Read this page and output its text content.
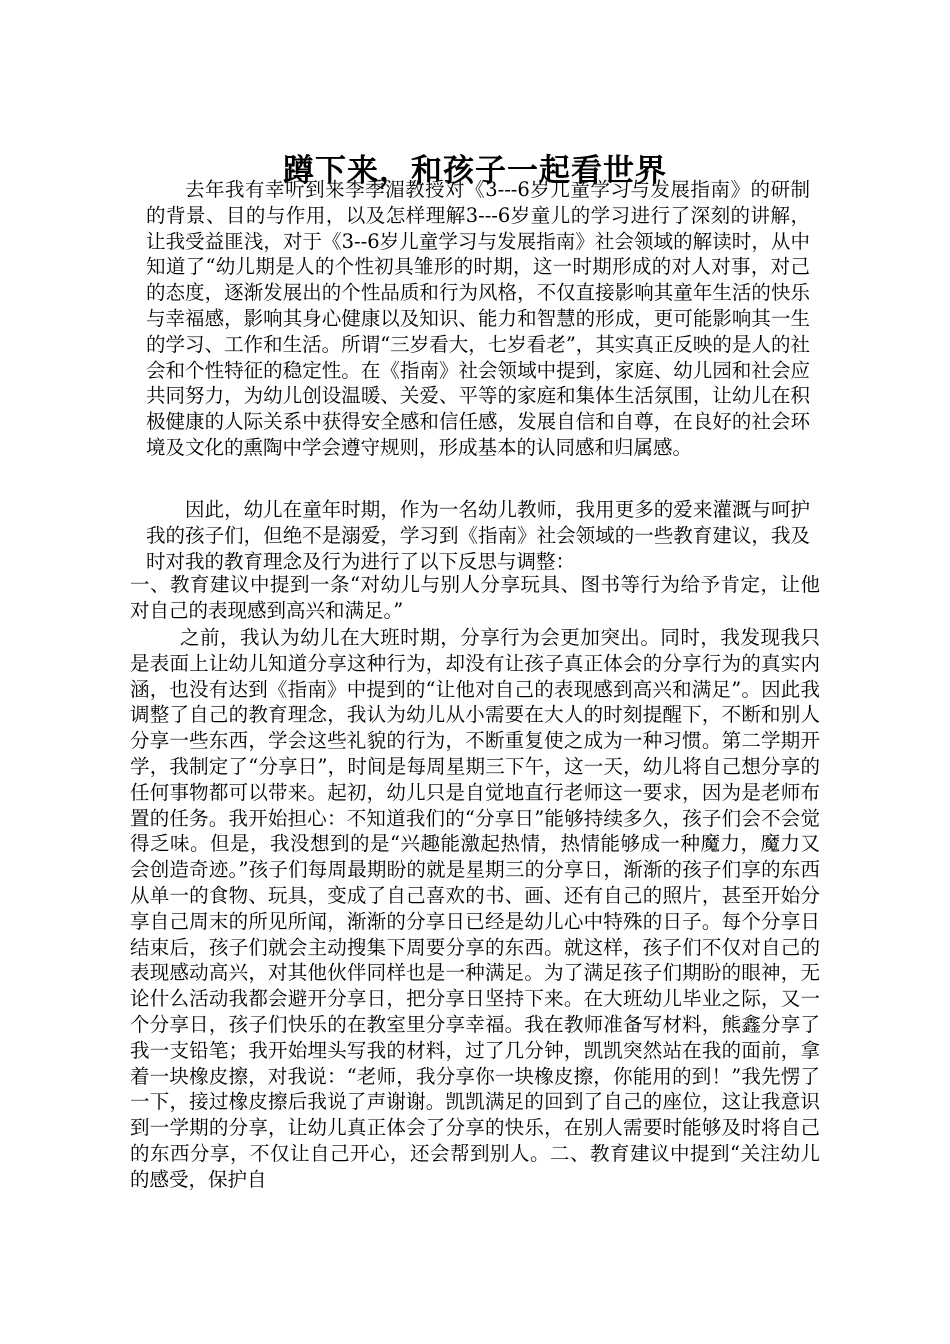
蹲下来，和孩子一起看世界

去年我有幸听到来李季湄教授对《3---6岁儿童学习与发展指南》的研制的背景、目的与作用，以及怎样理解3---6岁童儿的学习进行了深刻的讲解，让我受益匪浅，对于《3--6岁儿童学习与发展指南》社会领域的解读时，从中知道了“幼儿期是人的个性初具雏形的时期，这一时期形成的对人对事，对己的态度，逐渐发展出的个性品质和行为风格，不仅直接影响其童年生活的快乐与幸福感，影响其身心健康以及知识、能力和智慧的形成，更可能影响其一生的学习、工作和生活。所谓“三岁看大，七岁看老”，其实真正反映的是人的社会和个性特征的稳定性。在《指南》社会领域中提到，家庭、幼儿园和社会应共同努力，为幼儿创设温暖、关爱、平等的家庭和集体生活氛围，让幼儿在积极健康的人际关系中获得安全感和信任感，发展自信和自尊，在良好的社会环境及文化的熏陶中学会遵守规则，形成基本的认同感和归属感。

因此，幼儿在童年时期，作为一名幼儿教师，我用更多的爱来灌溉与呵护我的孩子们，但绝不是溺爱，学习到《指南》社会领域的一些教育建议，我及时对我的教育理念及行为进行了以下反思与调整：

一、教育建议中提到一条“对幼儿与别人分享玩具、图书等行为给予肯定，让他对自己的表现感到高兴和满足。”

之前，我认为幼儿在大班时期，分享行为会更加突出。同时，我发现我只是表面上让幼儿知道分享这种行为，却没有让孩子真正体会的分享行为的真实内涵，也没有达到《指南》中提到的“让他对自己的表现感到高兴和满足”。因此我调整了自己的教育理念，我认为幼儿从小需要在大人的时刻提醒下，不断和别人分享一些东西，学会这些礼貌的行为，不断重复使之成为一种习惯。第二学期开学，我制定了“分享日”，时间是每周星期三下午，这一天，幼儿将自己想分享的任何事物都可以带来。起初，幼儿只是自觉地直行老师这一要求，因为是老师布置的任务。我开始担心：不知道我们的“分享日”能够持续多久，孩子们会不会觉得乏味。但是，我没想到的是“兴趣能激起热情，热情能够成一种魔力，魔力又会创造奇迹。”孩子们每周最期盼的就是星期三的分享日，渐渐的孩子们享的东西从单一的食物、玩具，变成了自己喜欢的书、画、还有自己的照片，甚至开始分享自己周末的所见所闻，渐渐的分享日已经是幼儿心中特殊的日子。每个分享日结束后，孩子们就会主动搜集下周要分享的东西。就这样，孩子们不仅对自己的表现感动高兴，对其他伙伴同样也是一种满足。为了满足孩子们期盼的眼神，无论什么活动我都会避开分享日，把分享日坚持下来。在大班幼儿毕业之际，又一个分享日，孩子们快乐的在教室里分享幸福。我在教师准备写材料，熊鑫分享了我一支铅笔；我开始埋头写我的材料，过了几分钟，凯凯突然站在我的面前，拿着一块橡皮擦，对我说：“老师，我分享你一块橡皮擦，你能用的到！”我先愣了一下，接过橡皮擦后我说了声谢谢。凯凯满足的回到了自己的座位，这让我意识到一学期的分享，让幼儿真正体会了分享的快乐，在别人需要时能够及时将自己的东西分享，不仅让自己开心，还会帮到别人。二、教育建议中提到“关注幼儿的感受，保护自
